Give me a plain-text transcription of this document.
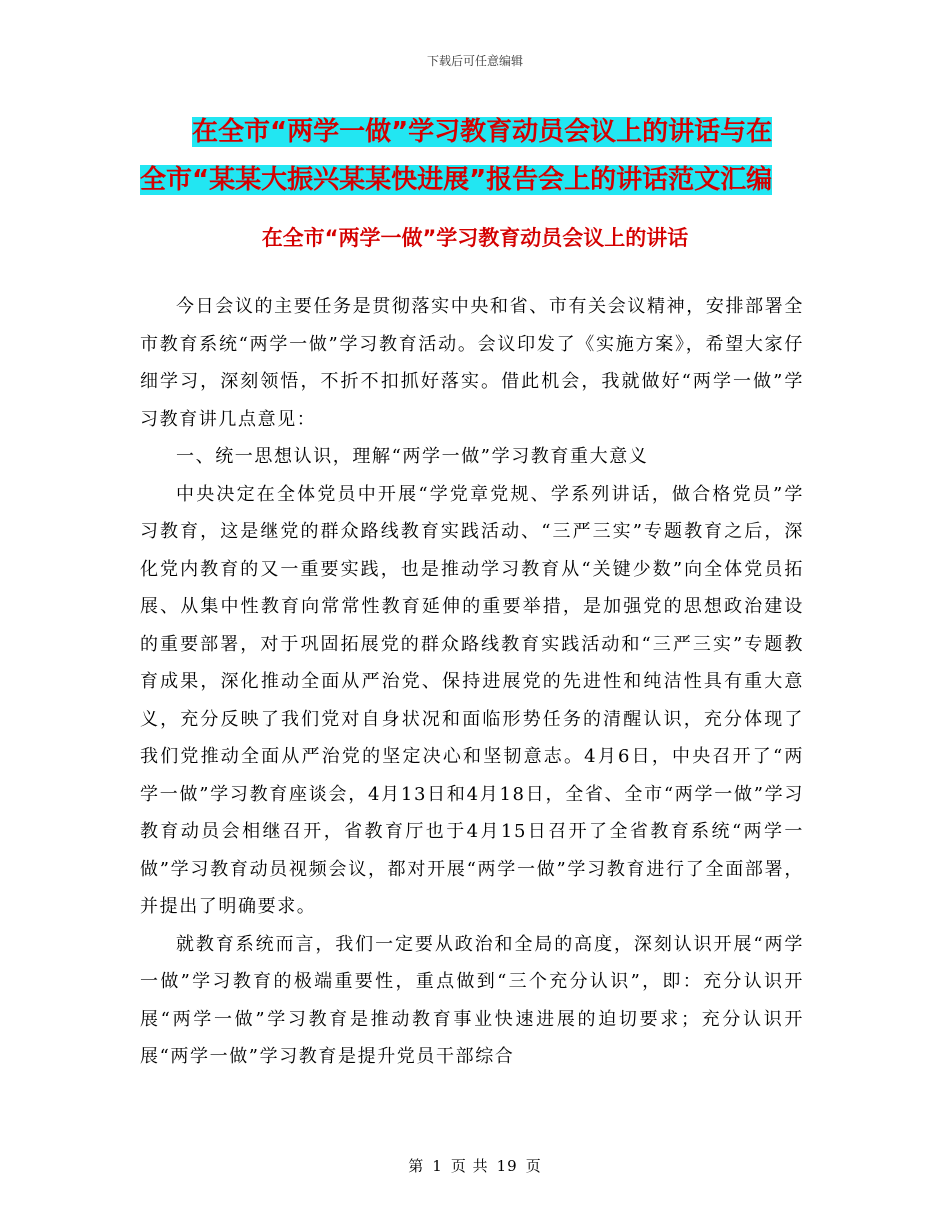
下载后可任意编辑
在全市“两学一做”学习教育动员会议上的讲话与在
全市“某某大振兴某某快进展”报告会上的讲话范文汇编
在全市“两学一做”学习教育动员会议上的讲话

今日会议的主要任务是贯彻落实中央和省、市有关会议精神，安排部署全市教育系统“两学一做”学习教育活动。会议印发了《实施方案》，希望大家仔细学习，深刻领悟，不折不扣抓好落实。借此机会，我就做好“两学一做”学习教育讲几点意见：

一、统一思想认识，理解“两学一做”学习教育重大意义

中央决定在全体党员中开展“学党章党规、学系列讲话，做合格党员”学习教育，这是继党的群众路线教育实践活动、“三严三实”专题教育之后，深化党内教育的又一重要实践，也是推动学习教育从“关键少数”向全体党员拓展、从集中性教育向常常性教育延伸的重要举措，是加强党的思想政治建设的重要部署，对于巩固拓展党的群众路线教育实践活动和“三严三实”专题教育成果，深化推动全面从严治党、保持进展党的先进性和纯洁性具有重大意义，充分反映了我们党对自身状况和面临形势任务的清醒认识，充分体现了我们党推动全面从严治党的坚定决心和坚韧意志。4月6日，中央召开了“两学一做”学习教育座谈会，4月13日和4月18日，全省、全市“两学一做”学习教育动员会相继召开，省教育厅也于4月15日召开了全省教育系统“两学一做”学习教育动员视频会议，都对开展“两学一做”学习教育进行了全面部署，并提出了明确要求。

就教育系统而言，我们一定要从政治和全局的高度，深刻认识开展“两学一做”学习教育的极端重要性，重点做到“三个充分认识”，即：充分认识开展“两学一做”学习教育是推动教育事业快速进展的迫切要求；充分认识开展“两学一做”学习教育是提升党员干部综合

第 1 页 共 19 页
